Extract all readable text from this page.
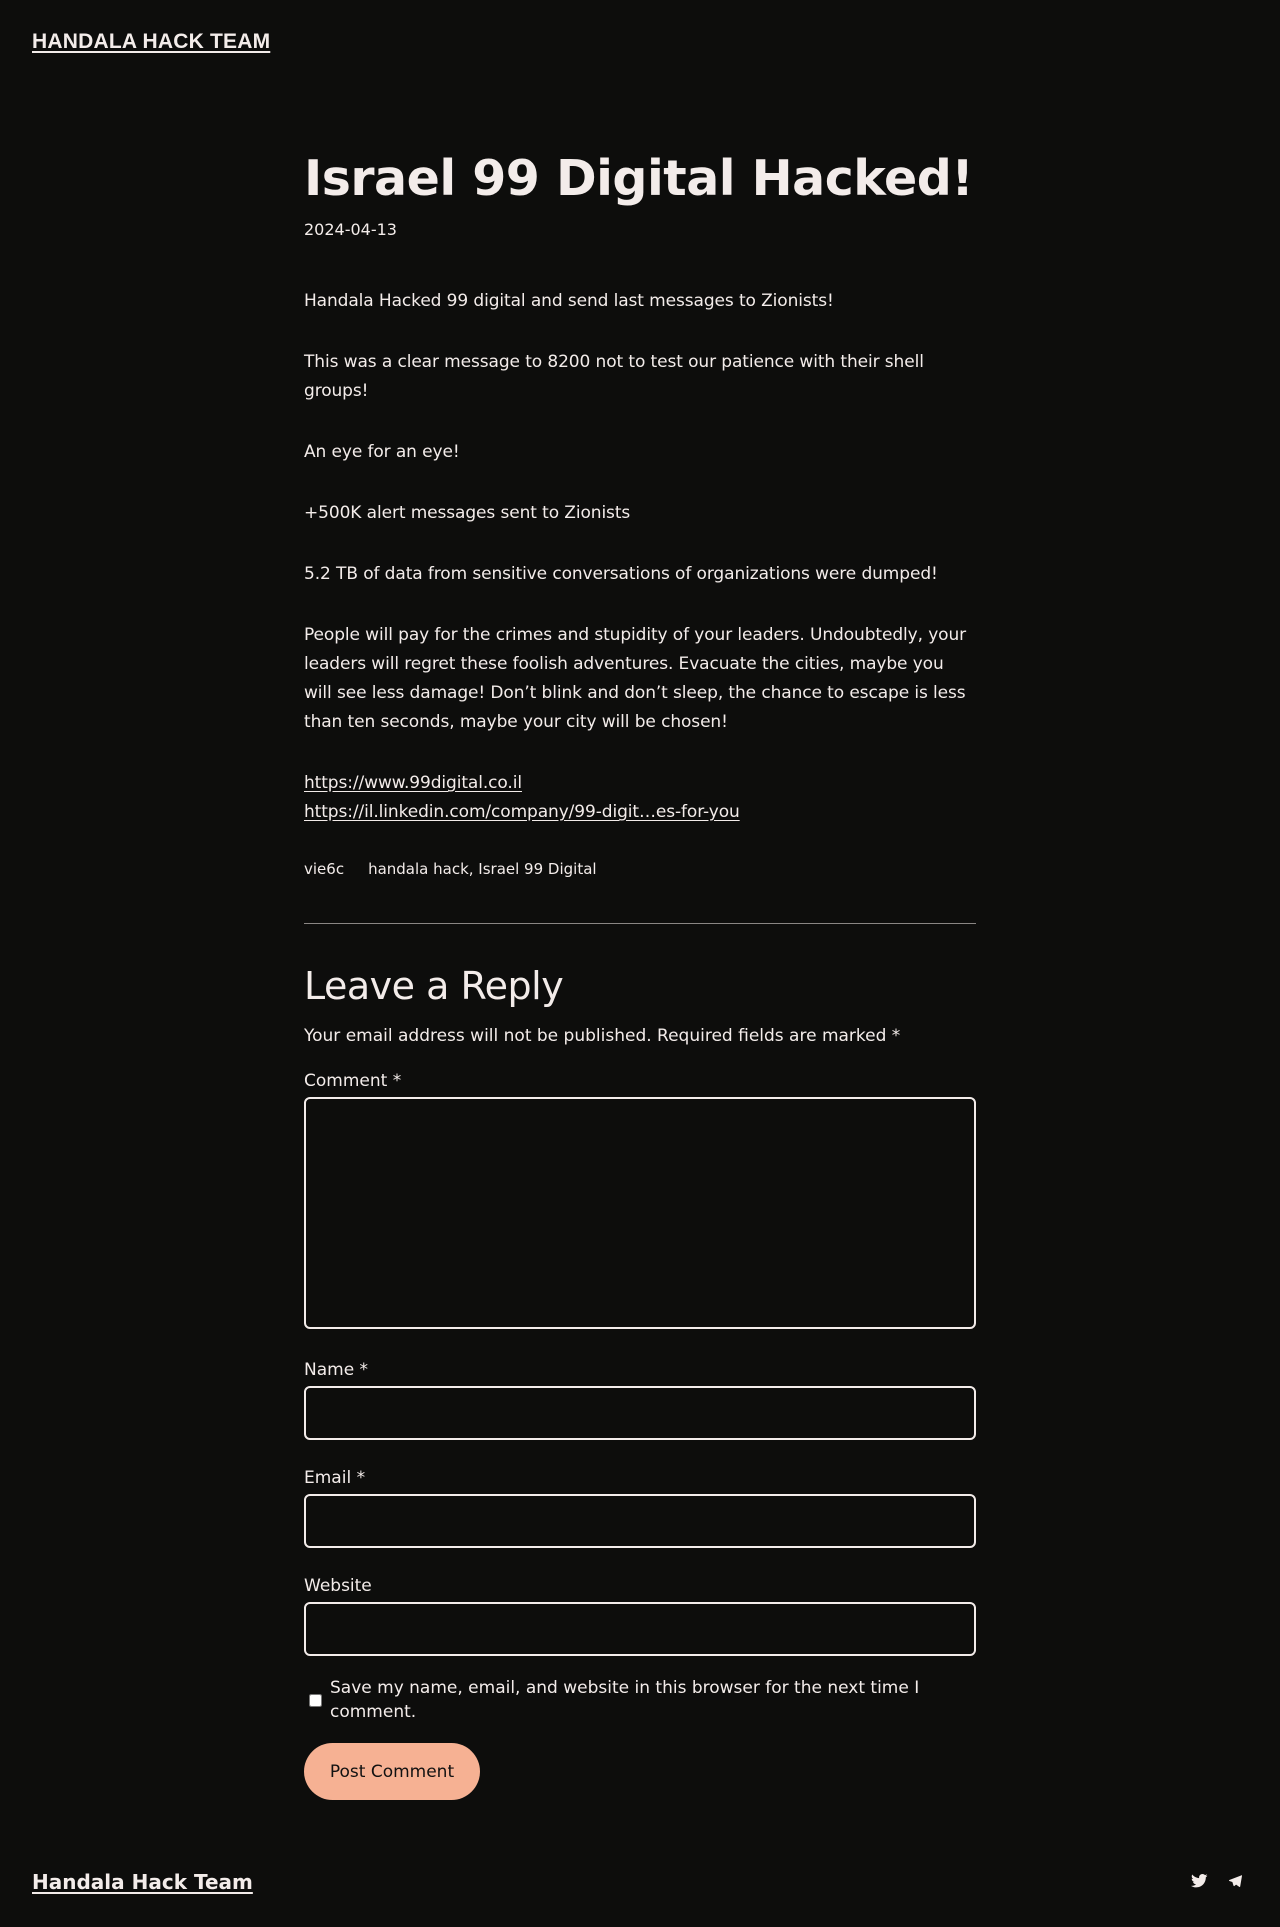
HANDALA HACK TEAM
Israel 99 Digital Hacked!
2024-04-13

Handala Hacked 99 digital and send last messages to Zionists!

This was a clear message to 8200 not to test our patience with their shell groups!

An eye for an eye!

+500K alert messages sent to Zionists

5.2 TB of data from sensitive conversations of organizations were dumped!

People will pay for the crimes and stupidity of your leaders. Undoubtedly, your leaders will regret these foolish adventures. Evacuate the cities, maybe you will see less damage! Don’t blink and don’t sleep, the chance to escape is less than ten seconds, maybe your city will be chosen!

https://www.99digital.co.il
https://il.linkedin.com/company/99-digit…es-for-you

vie6c handala hack, Israel 99 Digital
Leave a Reply

Your email address will not be published. Required fields are marked *

Comment *
Name *
Email *
Website
Save my name, email, and website in this browser for the next time I comment.
Post Comment
Handala Hack Team
